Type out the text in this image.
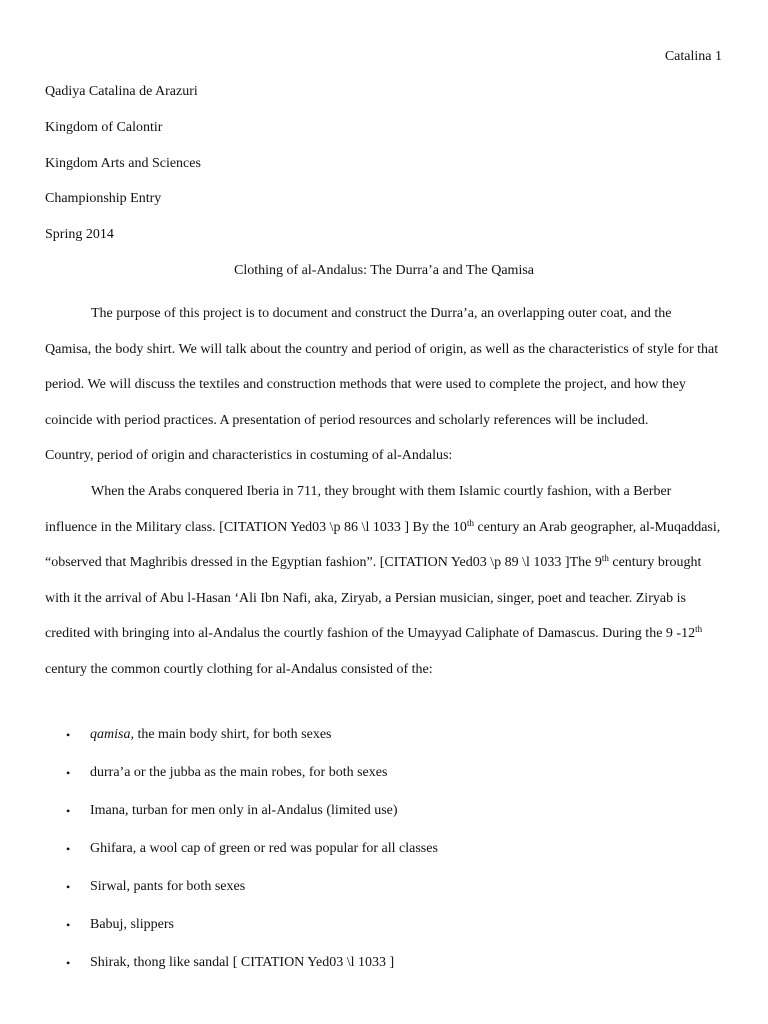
Catalina 1
Qadiya Catalina de Arazuri
Kingdom of Calontir
Kingdom Arts and Sciences
Championship Entry
Spring 2014
Clothing of al-Andalus: The Durra’a and The Qamisa

The purpose of this project is to document and construct the Durra’a, an overlapping outer coat, and the Qamisa, the body shirt. We will talk about the country and period of origin, as well as the characteristics of style for that period. We will discuss the textiles and construction methods that were used to complete the project, and how they coincide with period practices. A presentation of period resources and scholarly references will be included.

Country, period of origin and characteristics in costuming of al-Andalus:

When the Arabs conquered Iberia in 711, they brought with them Islamic courtly fashion, with a Berber influence in the Military class. [CITATION Yed03 \p 86 \l 1033 ] By the 10th century an Arab geographer, al-Muqaddasi, “observed that Maghribis dressed in the Egyptian fashion”. [CITATION Yed03 \p 89 \l 1033 ]The 9th century brought with it the arrival of Abu l-Hasan ‘Ali Ibn Nafi, aka, Ziryab, a Persian musician, singer, poet and teacher. Ziryab is credited with bringing into al-Andalus the courtly fashion of the Umayyad Caliphate of Damascus. During the 9 -12th century the common courtly clothing for al-Andalus consisted of the:

• qamisa, the main body shirt, for both sexes
• durra’a or the jubba as the main robes, for both sexes
• Imana, turban for men only in al-Andalus (limited use)
• Ghifara, a wool cap of green or red was popular for all classes
• Sirwal, pants for both sexes
• Babuj, slippers
• Shirak, thong like sandal [ CITATION Yed03 \l 1033 ]
